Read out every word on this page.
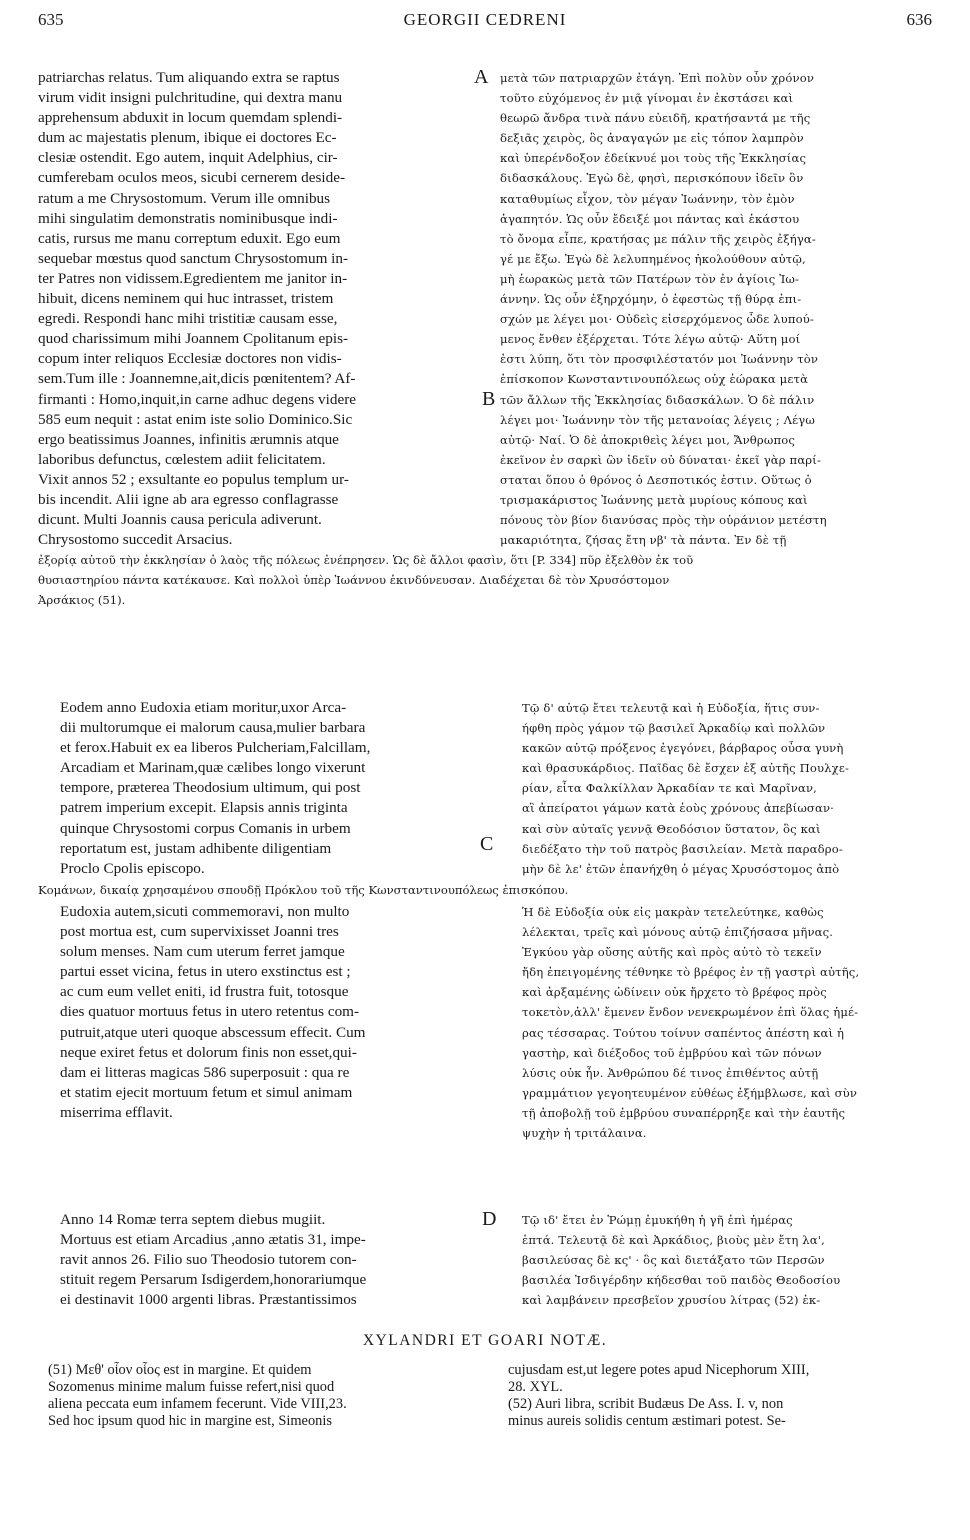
635	GEORGII CEDRENI	636
A
B
C
D
patriarchas relatus. Tum aliquando extra se raptus
virum vidit insigni pulchritudine, qui dextra manu
apprehensum abduxit in locum quemdam splendi-
dum ac majestatis plenum, ibique ei doctores Ec-
clesiæ ostendit. Ego autem, inquit Adelphius, cir-
cumferebam oculos meos, sicubi cernerem deside-
ratum a me Chrysostomum. Verum ille omnibus
mihi singulatim demonstratis nominibusque indi-
catis, rursus me manu correptum eduxit. Ego eum
sequebar mœstus quod sanctum Chrysostomum in-
ter Patres non vidissem.Egredientem me janitor in-
hibuit, dicens neminem qui huc intrasset, tristem
egredi. Respondi hanc mihi tristitiæ causam esse,
quod charissimum mihi Joannem Cpolitanum epis-
copum inter reliquos Ecclesiæ doctores non vidis-
sem.Tum ille : Joannemne,ait,dicis pœnitentem? Af-
firmanti : Homo,inquit,in carne adhuc degens videre
585 eum nequit : astat enim iste solio Dominico.Sic
ergo beatissimus Joannes, infinitis ærumnis atque
laboribus defunctus, cœlestem adiit felicitatem.
Vixit annos 52 ; exsultante eo populus templum ur-
bis incendit. Alii igne ab ara egresso conflagrasse
dicunt. Multi Joannis causa pericula adiverunt.
Chrysostomo succedit Arsacius.
μετὰ τῶν πατριαρχῶν ἐτάγη. Ἐπὶ πολὺν οὖν χρόνον
τοῦτο εὐχόμενος ἐν μιᾷ γίνομαι ἐν ἐκστάσει καὶ
θεωρῶ ἄνδρα τινὰ πάνυ εὐειδῆ, κρατήσαντά με τῆς
δεξιᾶς χειρὸς, ὃς ἀναγαγών με εἰς τόπον λαμπρὸν
καὶ ὑπερένδοξον ἐδείκνυέ μοι τοὺς τῆς Ἐκκλησίας
διδασκάλους. Ἐγὼ δὲ, φησὶ, περισκόπουν ἰδεῖν ὃν
καταθυμίως εἶχον, τὸν μέγαν Ἰωάννην, τὸν ἐμὸν
ἀγαπητόν. Ὡς οὖν ἔδειξέ μοι πάντας καὶ ἑκάστου
τὸ ὄνομα εἶπε, κρατήσας με πάλιν τῆς χειρὸς ἐξήγα-
γέ με ἔξω. Ἐγὼ δὲ λελυπημένος ἠκολούθουν αὐτῷ,
μὴ ἑωρακὼς μετὰ τῶν Πατέρων τὸν ἐν ἁγίοις Ἰω-
άννην. Ὡς οὖν ἐξηρχόμην, ὁ ἐφεστὼς τῇ θύρᾳ ἐπι-
σχών με λέγει μοι· Οὐδεὶς εἰσερχόμενος ὧδε λυπού-
μενος ἔνθεν ἐξέρχεται. Τότε λέγω αὐτῷ· Αὕτη μοί
ἐστι λύπη, ὅτι τὸν προσφιλέστατόν μοι Ἰωάννην τὸν
ἐπίσκοπον Κωνσταντινουπόλεως οὐχ ἑώρακα μετὰ
τῶν ἄλλων τῆς Ἐκκλησίας διδασκάλων. Ὁ δὲ πάλιν
λέγει μοι· Ἰωάννην τὸν τῆς μετανοίας λέγεις ; Λέγω
αὐτῷ· Ναί. Ὁ δὲ ἀποκριθεὶς λέγει μοι, Ἄνθρωπος
ἐκεῖνον ἐν σαρκὶ ὢν ἰδεῖν οὐ δύναται· ἐκεῖ γὰρ παρί-
σταται ὅπου ὁ θρόνος ὁ Δεσποτικός ἐστιν. Οὕτως ὁ
τρισμακάριστος Ἰωάννης μετὰ μυρίους κόπους καὶ
πόνους τὸν βίον διανύσας πρὸς τὴν οὐράνιον μετέστη
μακαριότητα, ζήσας ἔτη νβ' τὰ πάντα. Ἐν δὲ τῇ
ἐξορίᾳ αὐτοῦ τὴν ἐκκλησίαν ὁ λαὸς τῆς πόλεως ἐνέπρησεν. Ὡς δὲ ἄλλοι φασὶν, ὅτι [P. 334] πῦρ ἐξελθὸν ἐκ τοῦ
θυσιαστηρίου πάντα κατέκαυσε. Καὶ πολλοὶ ὑπὲρ Ἰωάννου ἐκινδύνευσαν. Διαδέχεται δὲ τὸν Χρυσόστομον
Ἀρσάκιος (51).
Eodem anno Eudoxia etiam moritur,uxor Arca-
dii multorumque ei malorum causa,mulier barbara
et ferox.Habuit ex ea liberos Pulcheriam,Falcillam,
Arcadiam et Marinam,quæ cælibes longo vixerunt
tempore, præterea Theodosium ultimum, qui post
patrem imperium excepit. Elapsis annis triginta
quinque Chrysostomi corpus Comanis in urbem
reportatum est, justam adhibente diligentiam
Proclo Cpolis episcopo.
Τῷ δ' αὐτῷ ἔτει τελευτᾷ καὶ ἡ Εὐδοξία, ἥτις συν-
ήφθη πρὸς γάμον τῷ βασιλεῖ Ἀρκαδίῳ καὶ πολλῶν
κακῶν αὐτῷ πρόξενος ἐγεγόνει, βάρβαρος οὖσα γυνὴ
καὶ θρασυκάρδιος. Παῖδας δὲ ἔσχεν ἐξ αὐτῆς Πουλχε-
ρίαν, εἶτα Φαλκίλλαν Ἀρκαδίαν τε καὶ Μαρῖναν,
αἳ ἀπείρατοι γάμων κατὰ ἐοὺς χρόνους ἀπεβίωσαν·
καὶ σὺν αὐταῖς γεννᾷ Θεοδόσιον ὕστατον, ὃς καὶ
διεδέξατο τὴν τοῦ πατρὸς βασιλείαν. Μετὰ παραδρο-
μὴν δὲ λε' ἐτῶν ἐπανήχθη ὁ μέγας Χρυσόστομος ἀπὸ
Κομάνων, δικαίᾳ χρησαμένου σπουδῇ Πρόκλου τοῦ τῆς Κωνσταντινουπόλεως ἐπισκόπου.
Eudoxia autem,sicuti commemoravi, non multo
post mortua est, cum supervixisset Joanni tres
solum menses. Nam cum uterum ferret jamque
partui esset vicina, fetus in utero exstinctus est ;
ac cum eum vellet eniti, id frustra fuit, totosque
dies quatuor mortuus fetus in utero retentus com-
putruit,atque uteri quoque abscessum effecit. Cum
neque exiret fetus et dolorum finis non esset,qui-
dam ei litteras magicas 586 superposuit : qua re
et statim ejecit mortuum fetum et simul animam
miserrima efflavit.
Ἡ δὲ Εὐδοξία οὐκ εἰς μακρὰν τετελεύτηκε, καθὼς
λέλεκται, τρεῖς καὶ μόνους αὐτῷ ἐπιζήσασα μῆνας.
Ἐγκύου γὰρ οὔσης αὐτῆς καὶ πρὸς αὐτὸ τὸ τεκεῖν
ἤδη ἐπειγομένης τέθνηκε τὸ βρέφος ἐν τῇ γαστρὶ αὐτῆς,
καὶ ἀρξαμένης ὠδίνειν οὐκ ἤρχετο τὸ βρέφος πρὸς
τοκετὸν,ἀλλ' ἔμενεν ἔνδον νενεκρωμένον ἐπὶ ὅλας ἡμέ-
ρας τέσσαρας. Τούτου τοίνυν σαπέντος ἀπέστη καὶ ἡ
γαστὴρ, καὶ διέξοδος τοῦ ἐμβρύου καὶ τῶν πόνων
λύσις οὐκ ἦν. Ἀνθρώπου δέ τινος ἐπιθέντος αὐτῇ
γραμμάτιον γεγοητευμένον εὐθέως ἐξήμβλωσε, καὶ σὺν
τῇ ἀποβολῇ τοῦ ἐμβρύου συναπέρρηξε καὶ τὴν ἑαυτῆς
ψυχὴν ἡ τριτάλαινα.
Anno 14 Romæ terra septem diebus mugiit.
Mortuus est etiam Arcadius ,anno ætatis 31, impe-
ravit annos 26. Filio suo Theodosio tutorem con-
stituit regem Persarum Isdigerdem,honorariumque
ei destinavit 1000 argenti libras. Præstantissimos
Τῷ ιδ' ἔτει ἐν Ῥώμῃ ἐμυκήθη ἡ γῆ ἐπὶ ἡμέρας
ἑπτά. Τελευτᾷ δὲ καὶ Ἀρκάδιος, βιοὺς μὲν ἔτη λα',
βασιλεύσας δὲ κς' · ὃς καὶ διετάξατο τῶν Περσῶν
βασιλέα Ἰσδιγέρδην κήδεσθαι τοῦ παιδὸς Θεοδοσίου
καὶ λαμβάνειν πρεσβεῖον χρυσίου λίτρας (52) ἑκ-
XYLANDRI ET GOARI NOTÆ.
(51) Μεθ' οἷον οἷος est in margine. Et quidem
Sozomenus minime malum fuisse refert,nisi quod
aliena peccata eum infamem fecerunt. Vide VIII,23.
Sed hoc ipsum quod hic in margine est, Simeonis
cujusdam est,ut legere potes apud Nicephorum XIII,
28. XYL.
(52) Auri libra, scribit Budæus De Ass. I. v, non
minus aureis solidis centum æstimari potest. Se-
